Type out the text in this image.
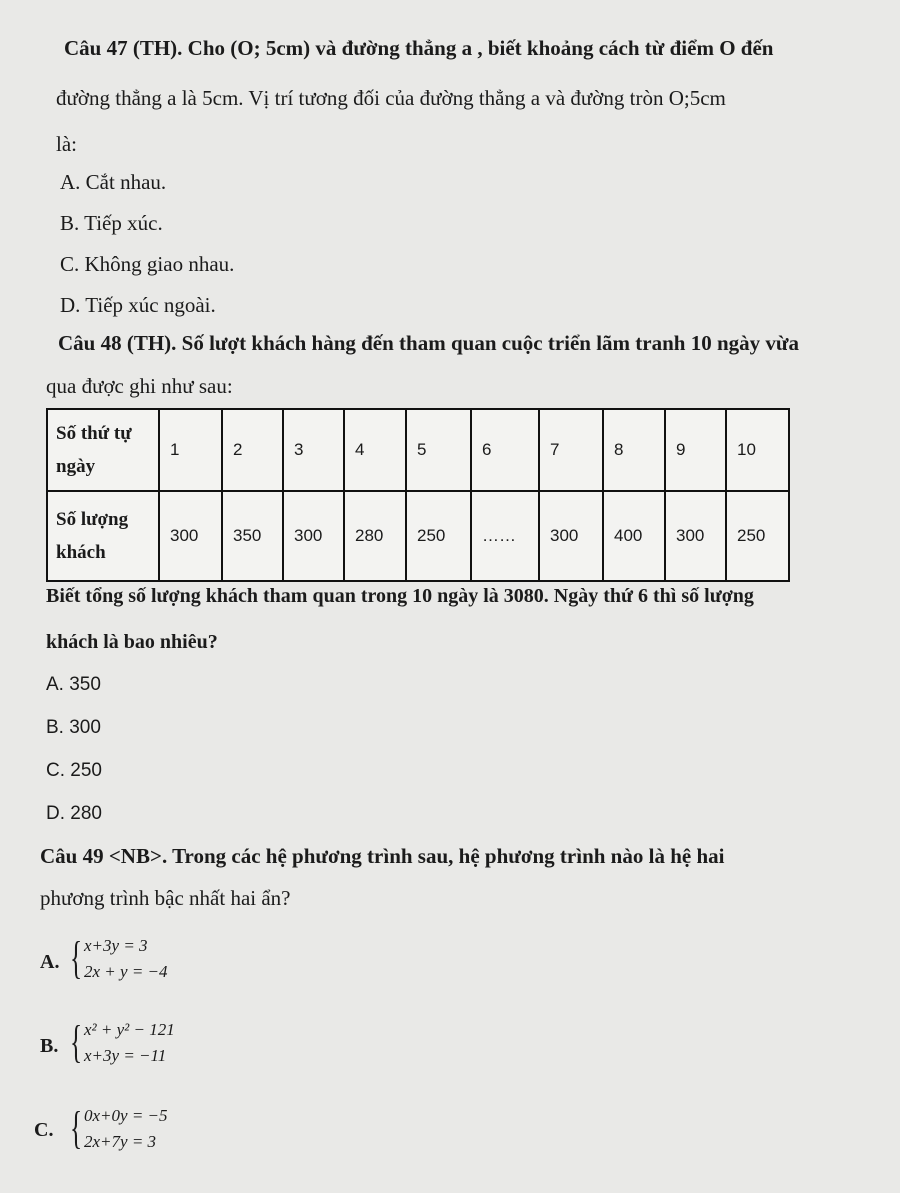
Câu 47 (TH). Cho (O; 5cm) và đường thẳng a , biết khoảng cách từ điểm O đến
đường thẳng a là 5cm. Vị trí tương đối của đường thẳng a và đường tròn O;5cm
là:
A. Cắt nhau.
B. Tiếp xúc.
C. Không giao nhau.
D. Tiếp xúc ngoài.
Câu 48 (TH). Số lượt khách hàng đến tham quan cuộc triển lãm tranh 10 ngày vừa
qua được ghi như sau:
Số thứ tự
ngày	1	2	3	4	5	6	7	8	9	10

Số lượng
khách	300	350	300	280	250	……	300	400	300	250
Biết tổng số lượng khách tham quan trong 10 ngày là 3080. Ngày thứ 6 thì số lượng
khách là bao nhiêu?
A. 350
B. 300
C. 250
D. 280
Câu 49 <NB>. Trong các hệ phương trình sau, hệ phương trình nào là hệ hai
phương trình bậc nhất hai ẩn?
A. { x+3y = 3
2x + y = −4
B. { x² + y² − 121
x+3y = −11
C. { 0x+0y = −5
2x+7y = 3
